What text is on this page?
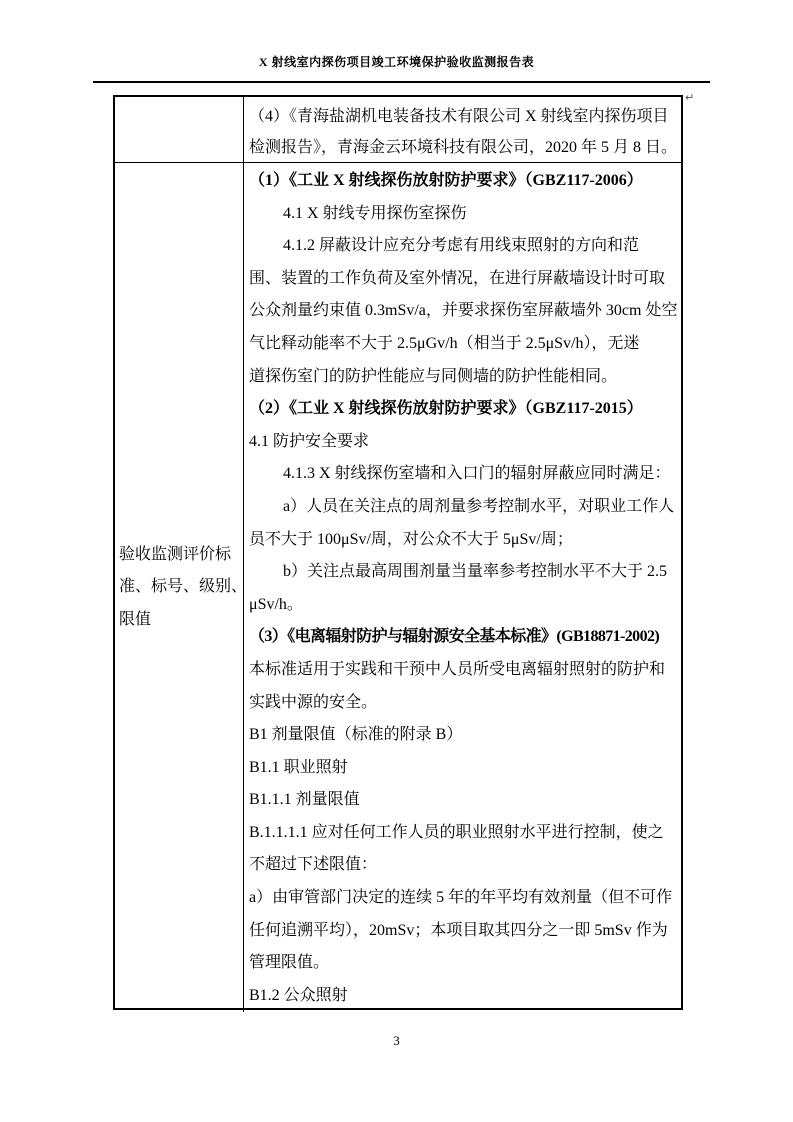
X 射线室内探伤项目竣工环境保护验收监测报告表
↵
（4）《青海盐湖机电装备技术有限公司 X 射线室内探伤项目
检测报告》，青海金云环境科技有限公司，2020 年 5 月 8 日。
验收监测评价标
准、标号、级别、
限值
（1）《工业 X 射线探伤放射防护要求》（GBZ117-2006）
4.1 X 射线专用探伤室探伤
4.1.2 屏蔽设计应充分考虑有用线束照射的方向和范
围、装置的工作负荷及室外情况，在进行屏蔽墙设计时可取
公众剂量约束值 0.3mSv/a，并要求探伤室屏蔽墙外 30cm 处空
气比释动能率不大于 2.5μGv/h（相当于 2.5μSv/h），无迷
道探伤室门的防护性能应与同侧墙的防护性能相同。
（2）《工业 X 射线探伤放射防护要求》（GBZ117-2015）
4.1 防护安全要求
4.1.3 X 射线探伤室墙和入口门的辐射屏蔽应同时满足：
a）人员在关注点的周剂量参考控制水平，对职业工作人
员不大于 100μSv/周，对公众不大于 5μSv/周；
b）关注点最高周围剂量当量率参考控制水平不大于 2.5
μSv/h。
（3）《电离辐射防护与辐射源安全基本标准》(GB18871-2002)
本标准适用于实践和干预中人员所受电离辐射照射的防护和
实践中源的安全。
B1 剂量限值（标准的附录 B）
B1.1 职业照射
B1.1.1 剂量限值
B.1.1.1.1 应对任何工作人员的职业照射水平进行控制，使之
不超过下述限值：
a）由审管部门决定的连续 5 年的年平均有效剂量（但不可作
任何追溯平均），20mSv；本项目取其四分之一即 5mSv 作为
管理限值。
B1.2 公众照射
3
